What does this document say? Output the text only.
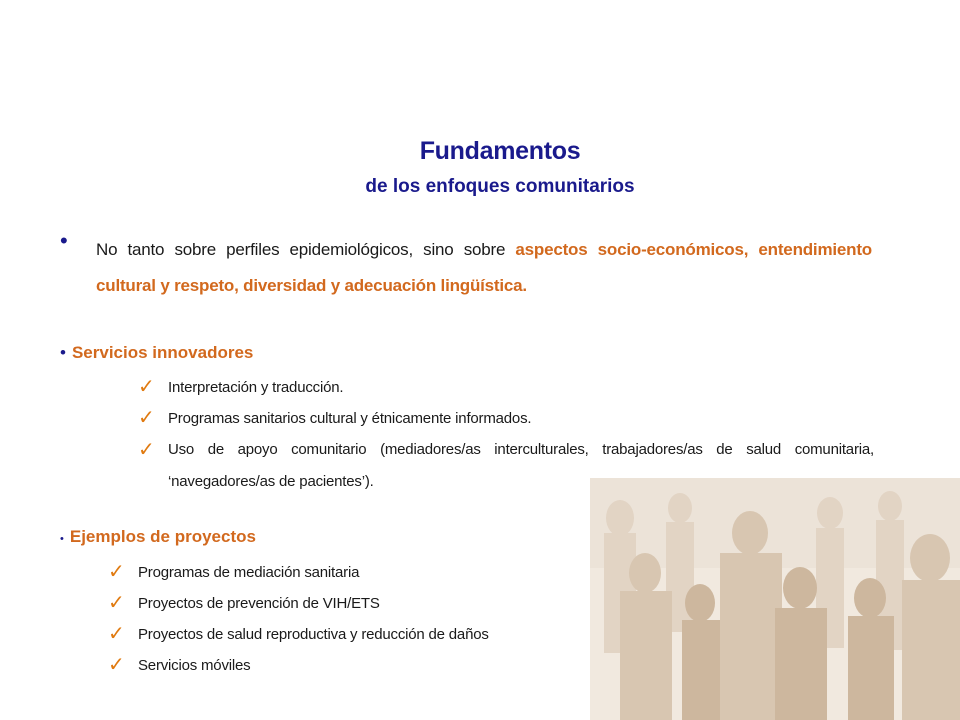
Fundamentos
de los enfoques comunitarios
• No tanto sobre perfiles epidemiológicos, sino sobre aspectos socio-económicos, entendimiento cultural y respeto, diversidad y adecuación lingüística.
• Servicios innovadores
✓ Interpretación y traducción.
✓ Programas sanitarios cultural y étnicamente informados.
✓ Uso de apoyo comunitario (mediadores/as interculturales, trabajadores/as de salud comunitaria, ‘navegadores/as de pacientes’).
• Ejemplos de proyectos
✓ Programas de mediación sanitaria
✓ Proyectos de prevención de VIH/ETS
✓ Proyectos de salud reproductiva y reducción de daños
✓ Servicios móviles
